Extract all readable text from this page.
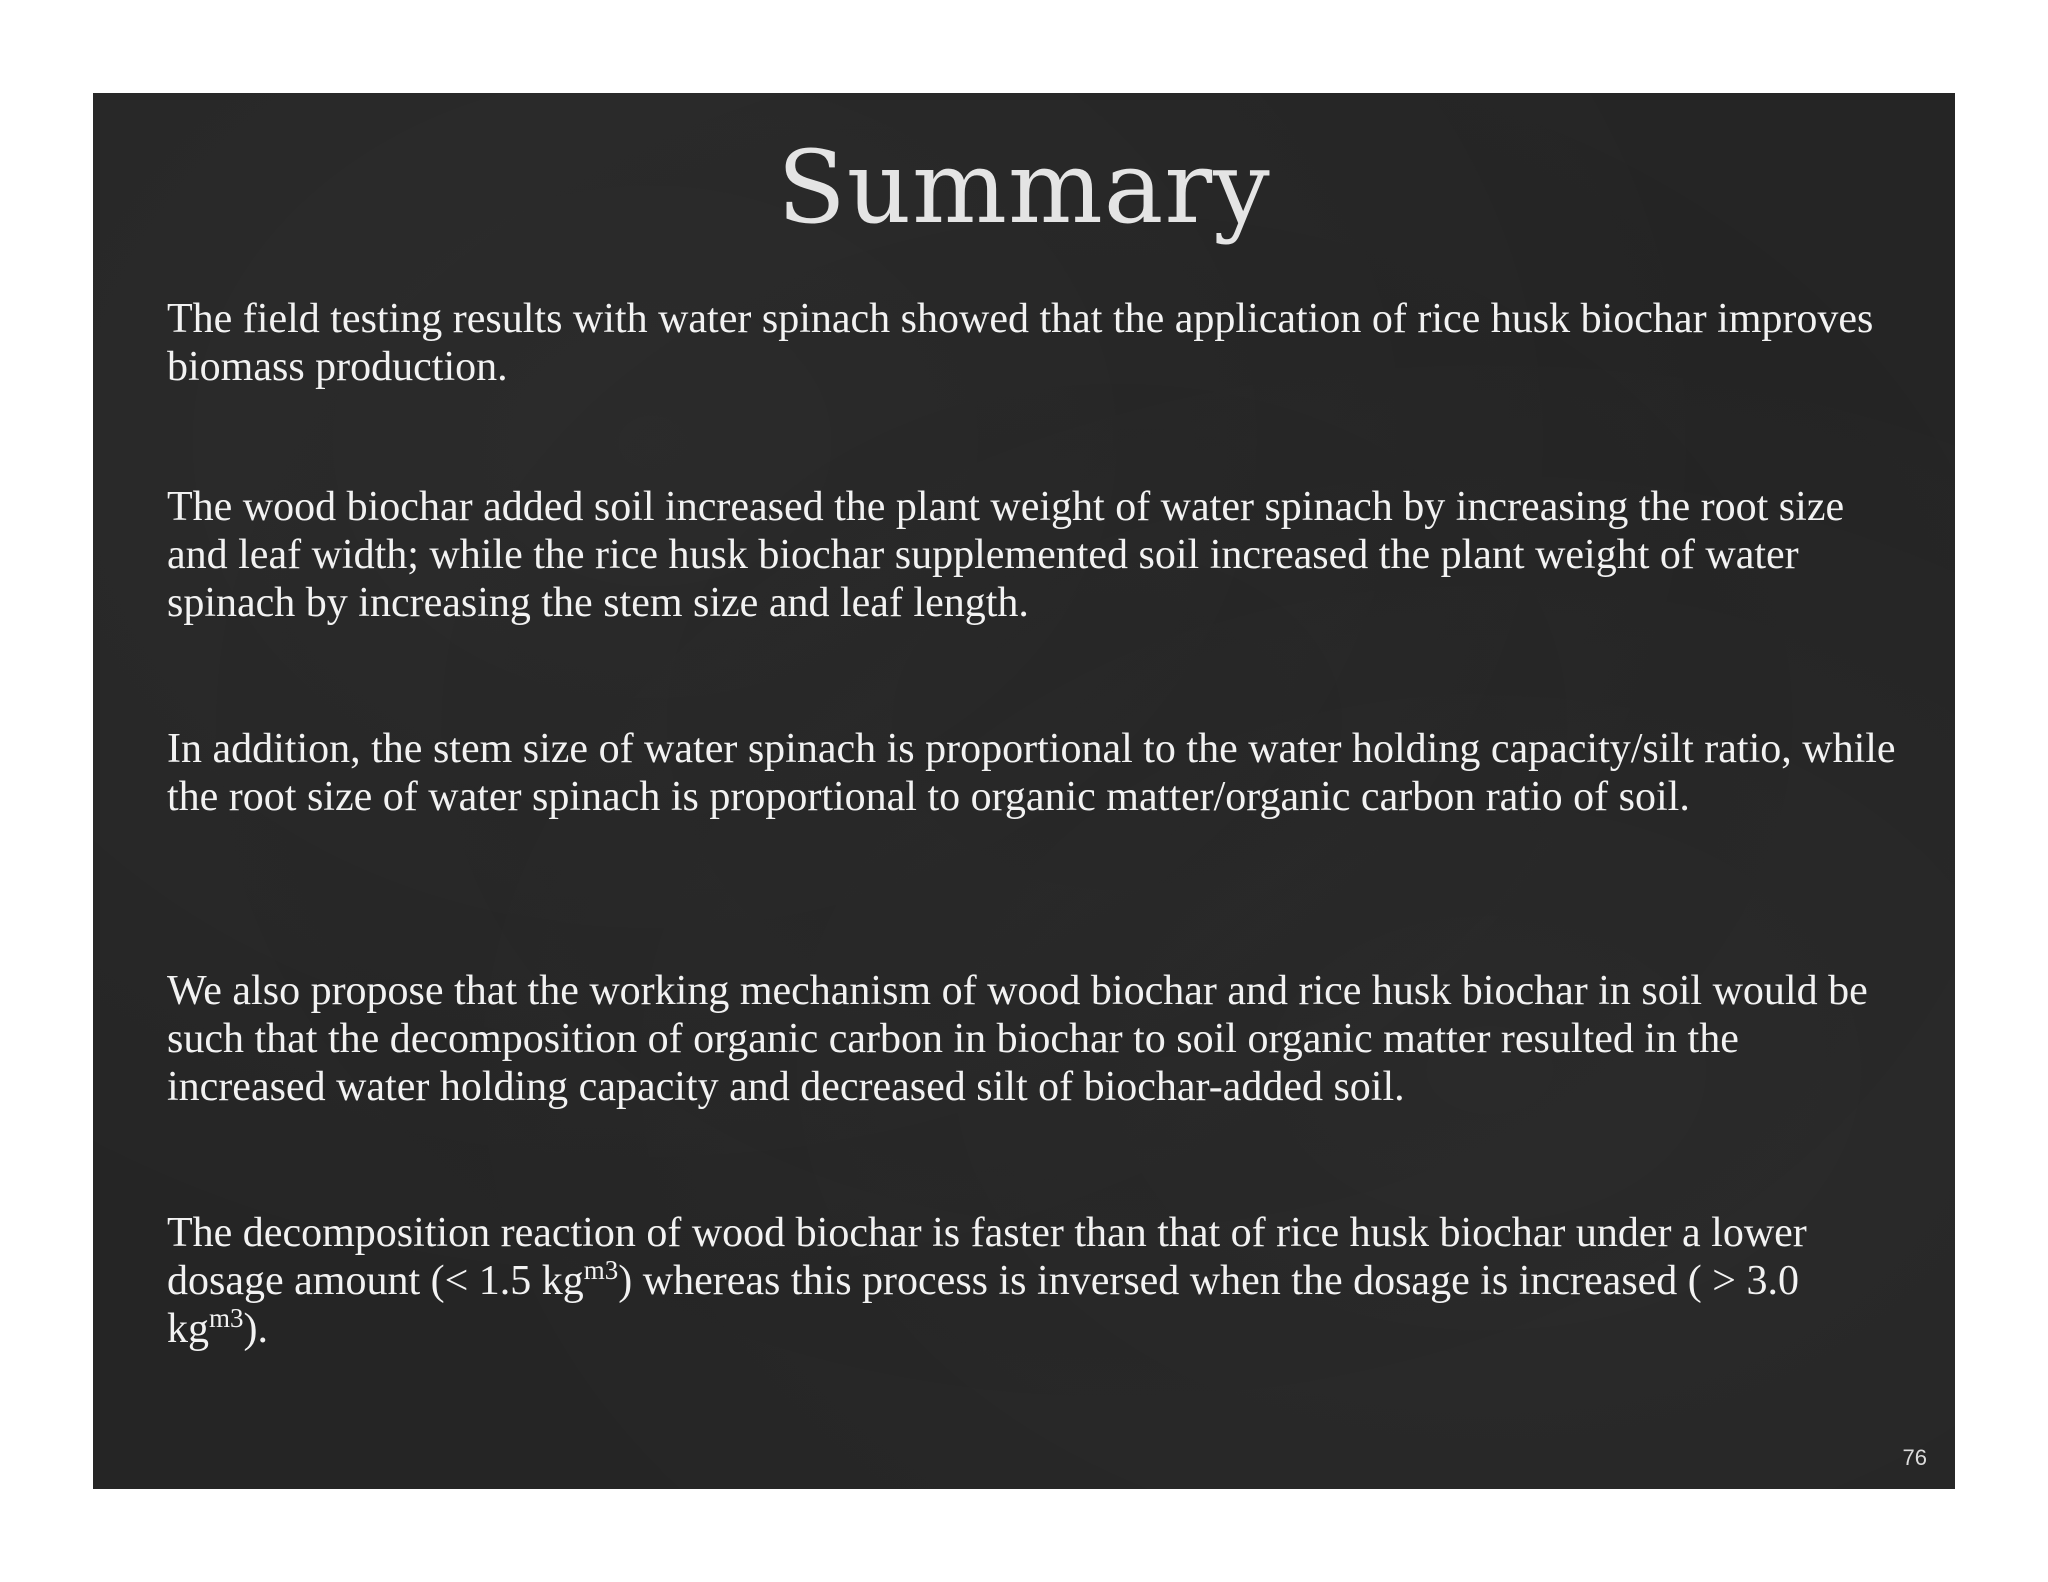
Summary

The field testing results with water spinach showed that the application of rice husk biochar improves biomass production.

The wood biochar added soil increased the plant weight of water spinach by increasing the root size and leaf width; while the rice husk biochar supplemented soil increased the plant weight of water spinach by increasing the stem size and leaf length.

In addition, the stem size of water spinach is proportional to the water holding capacity/silt ratio, while the root size of water spinach is proportional to organic matter/organic carbon ratio of soil.

We also propose that the working mechanism of wood biochar and rice husk biochar in soil would be such that the decomposition of organic carbon in biochar to soil organic matter resulted in the increased water holding capacity and decreased silt of biochar-added soil.

The decomposition reaction of wood biochar is faster than that of rice husk biochar under a lower dosage amount (< 1.5 $kg^{m3}$) whereas this process is inversed when the dosage is increased ( > 3.0 $kg^{m3}$).

76
